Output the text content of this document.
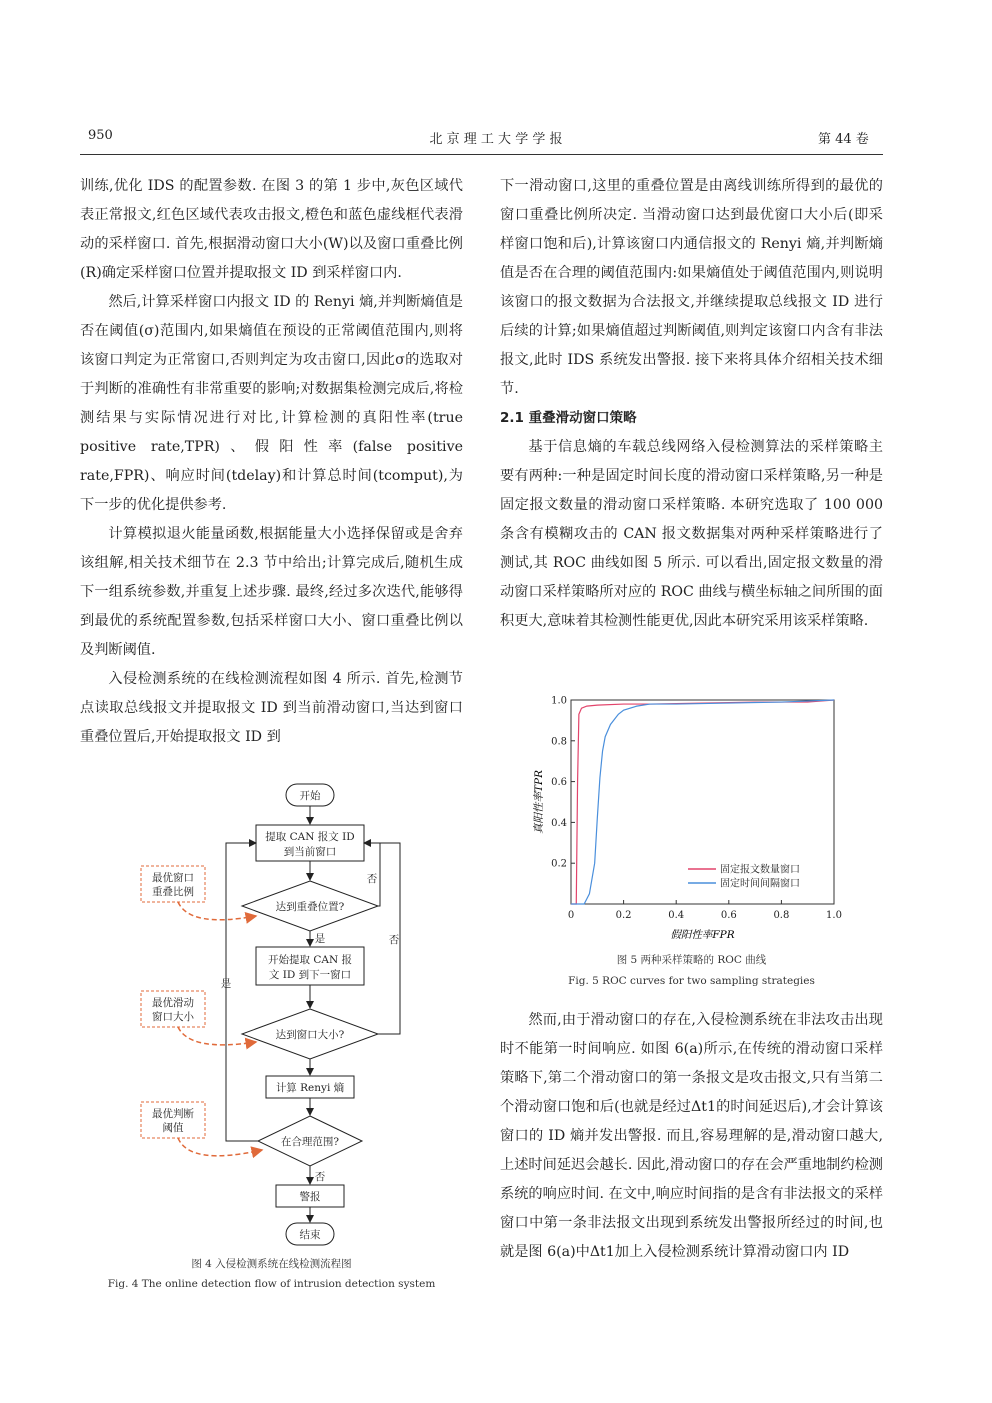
950	北 京 理 工 大 学 学 报	第 44 卷

训练,优化 IDS 的配置参数. 在图 3 的第 1 步中,灰色区域代表正常报文,红色区域代表攻击报文,橙色和蓝色虚线框代表滑动的采样窗口. 首先,根据滑动窗口大小(W)以及窗口重叠比例(R)确定采样窗口位置并提取报文 ID 到采样窗口内.

然后,计算采样窗口内报文 ID 的 Renyi 熵,并判断熵值是否在阈值(σ)范围内,如果熵值在预设的正常阈值范围内,则将该窗口判定为正常窗口,否则判定为攻击窗口,因此σ的选取对于判断的准确性有非常重要的影响;对数据集检测完成后,将检测结果与实际情况进行对比,计算检测的真阳性率(true positive rate,TPR)、假阳性率(false positive rate,FPR)、响应时间(tdelay)和计算总时间(tcomput),为下一步的优化提供参考.

计算模拟退火能量函数,根据能量大小选择保留或是舍弃该组解,相关技术细节在 2.3 节中给出;计算完成后,随机生成下一组系统参数,并重复上述步骤. 最终,经过多次迭代,能够得到最优的系统配置参数,包括采样窗口大小、窗口重叠比例以及判断阈值.

入侵检测系统的在线检测流程如图 4 所示. 首先,检测节点读取总线报文并提取报文 ID 到当前滑动窗口,当达到窗口重叠位置后,开始提取报文 ID 到

下一滑动窗口,这里的重叠位置是由离线训练所得到的最优的窗口重叠比例所决定. 当滑动窗口达到最优窗口大小后(即采样窗口饱和后),计算该窗口内通信报文的 Renyi 熵,并判断熵值是否在合理的阈值范围内:如果熵值处于阈值范围内,则说明该窗口的报文数据为合法报文,并继续提取总线报文 ID 进行后续的计算;如果熵值超过判断阈值,则判定该窗口内含有非法报文,此时 IDS 系统发出警报. 接下来将具体介绍相关技术细节.

2.1 重叠滑动窗口策略

基于信息熵的车载总线网络入侵检测算法的采样策略主要有两种:一种是固定时间长度的滑动窗口采样策略,另一种是固定报文数量的滑动窗口采样策略. 本研究选取了 100 000 条含有模糊攻击的 CAN 报文数据集对两种采样策略进行了测试,其 ROC 曲线如图 5 所示. 可以看出,固定报文数量的滑动窗口采样策略所对应的 ROC 曲线与横坐标轴之间所围的面积更大,意味着其检测性能更优,因此本研究采用该采样策略.

然而,由于滑动窗口的存在,入侵检测系统在非法攻击出现时不能第一时间响应. 如图 6(a)所示,在传统的滑动窗口采样策略下,第二个滑动窗口的第一条报文是攻击报文,只有当第二个滑动窗口饱和后(也就是经过Δt1的时间延迟后),才会计算该窗口的 ID 熵并发出警报. 而且,容易理解的是,滑动窗口越大,上述时间延迟会越长. 因此,滑动窗口的存在会严重地制约检测系统的响应时间. 在文中,响应时间指的是含有非法报文的采样窗口中第一条非法报文出现到系统发出警报所经过的时间,也就是图 6(a)中Δt1加上入侵检测系统计算滑动窗口内 ID

开始
提取 CAN 报文 ID
到当前窗口
达到重叠位置?
否
是
开始提取 CAN 报
文 ID 到下一窗口
达到窗口大小?
否
计算 Renyi 熵
在合理范围?
是
否
警报
结束
最优窗口
重叠比例
最优滑动
窗口大小
最优判断
阈值
图 4 入侵检测系统在线检测流程图
Fig. 4 The online detection flow of intrusion detection system
0	0.2	0.4	0.6	0.8	1.0
0.2
0.4
0.6
0.8
1.0
固定报文数量窗口
固定时间间隔窗口
假阳性率FPR
真阳性率TPR
图 5 两种采样策略的 ROC 曲线
Fig. 5 ROC curves for two sampling strategies
